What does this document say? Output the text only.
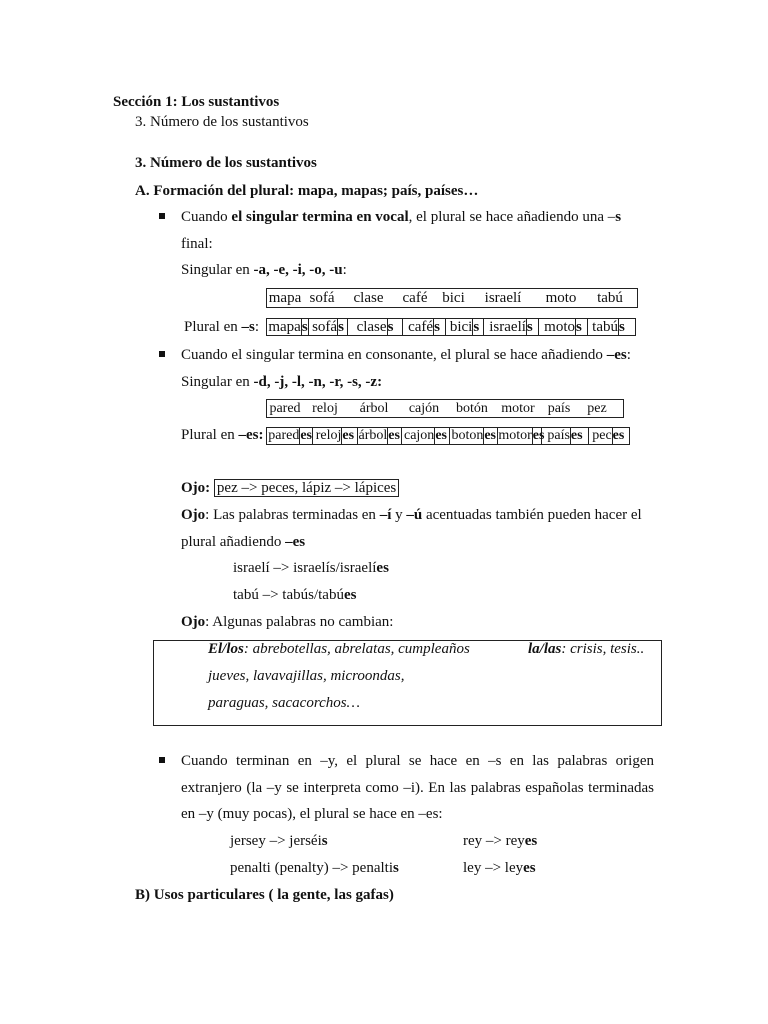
Sección 1: Los sustantivos
3. Número de los sustantivos
3. Número de los sustantivos
A. Formación del plural: mapa, mapas; país, países…
Cuando el singular termina en vocal, el plural se hace añadiendo una –s
final:
Singular en -a, -e, -i, -o, -u:
mapa sofá	clase	café bici	israelí	moto	tabú
Plural en –s: mapas sofás clases cafés bicis israelís motos tabús
Cuando el singular termina en consonante, el plural se hace añadiendo –es:
Singular en -d, -j, -l, -n, -r, -s, -z:
pared reloj	árbol	cajón	botón motor país	pez
Plural en –es: paredes relojes árboles cajones botones motores países peces
Ojo: pez –> peces, lápiz –> lápices
Ojo: Las palabras terminadas en –í y –ú acentuadas también pueden hacer el
plural añadiendo –es
israelí –> israelís/israelíes
tabú –> tabús/tabúes
Ojo: Algunas palabras no cambian:
El/los: abrebotellas, abrelatas, cumpleaños	la/las: crisis, tesis..
jueves, lavavajillas, microondas,
paraguas, sacacorchos…
Cuando terminan en –y, el plural se hace en –s en las palabras origen
extranjero (la –y se interpreta como –i). En las palabras españolas terminadas
en –y (muy pocas), el plural se hace en –es:
jersey –> jerséis	rey –> reyes
penalti (penalty) –> penaltis	ley –> leyes
B) Usos particulares ( la gente, las gafas)
